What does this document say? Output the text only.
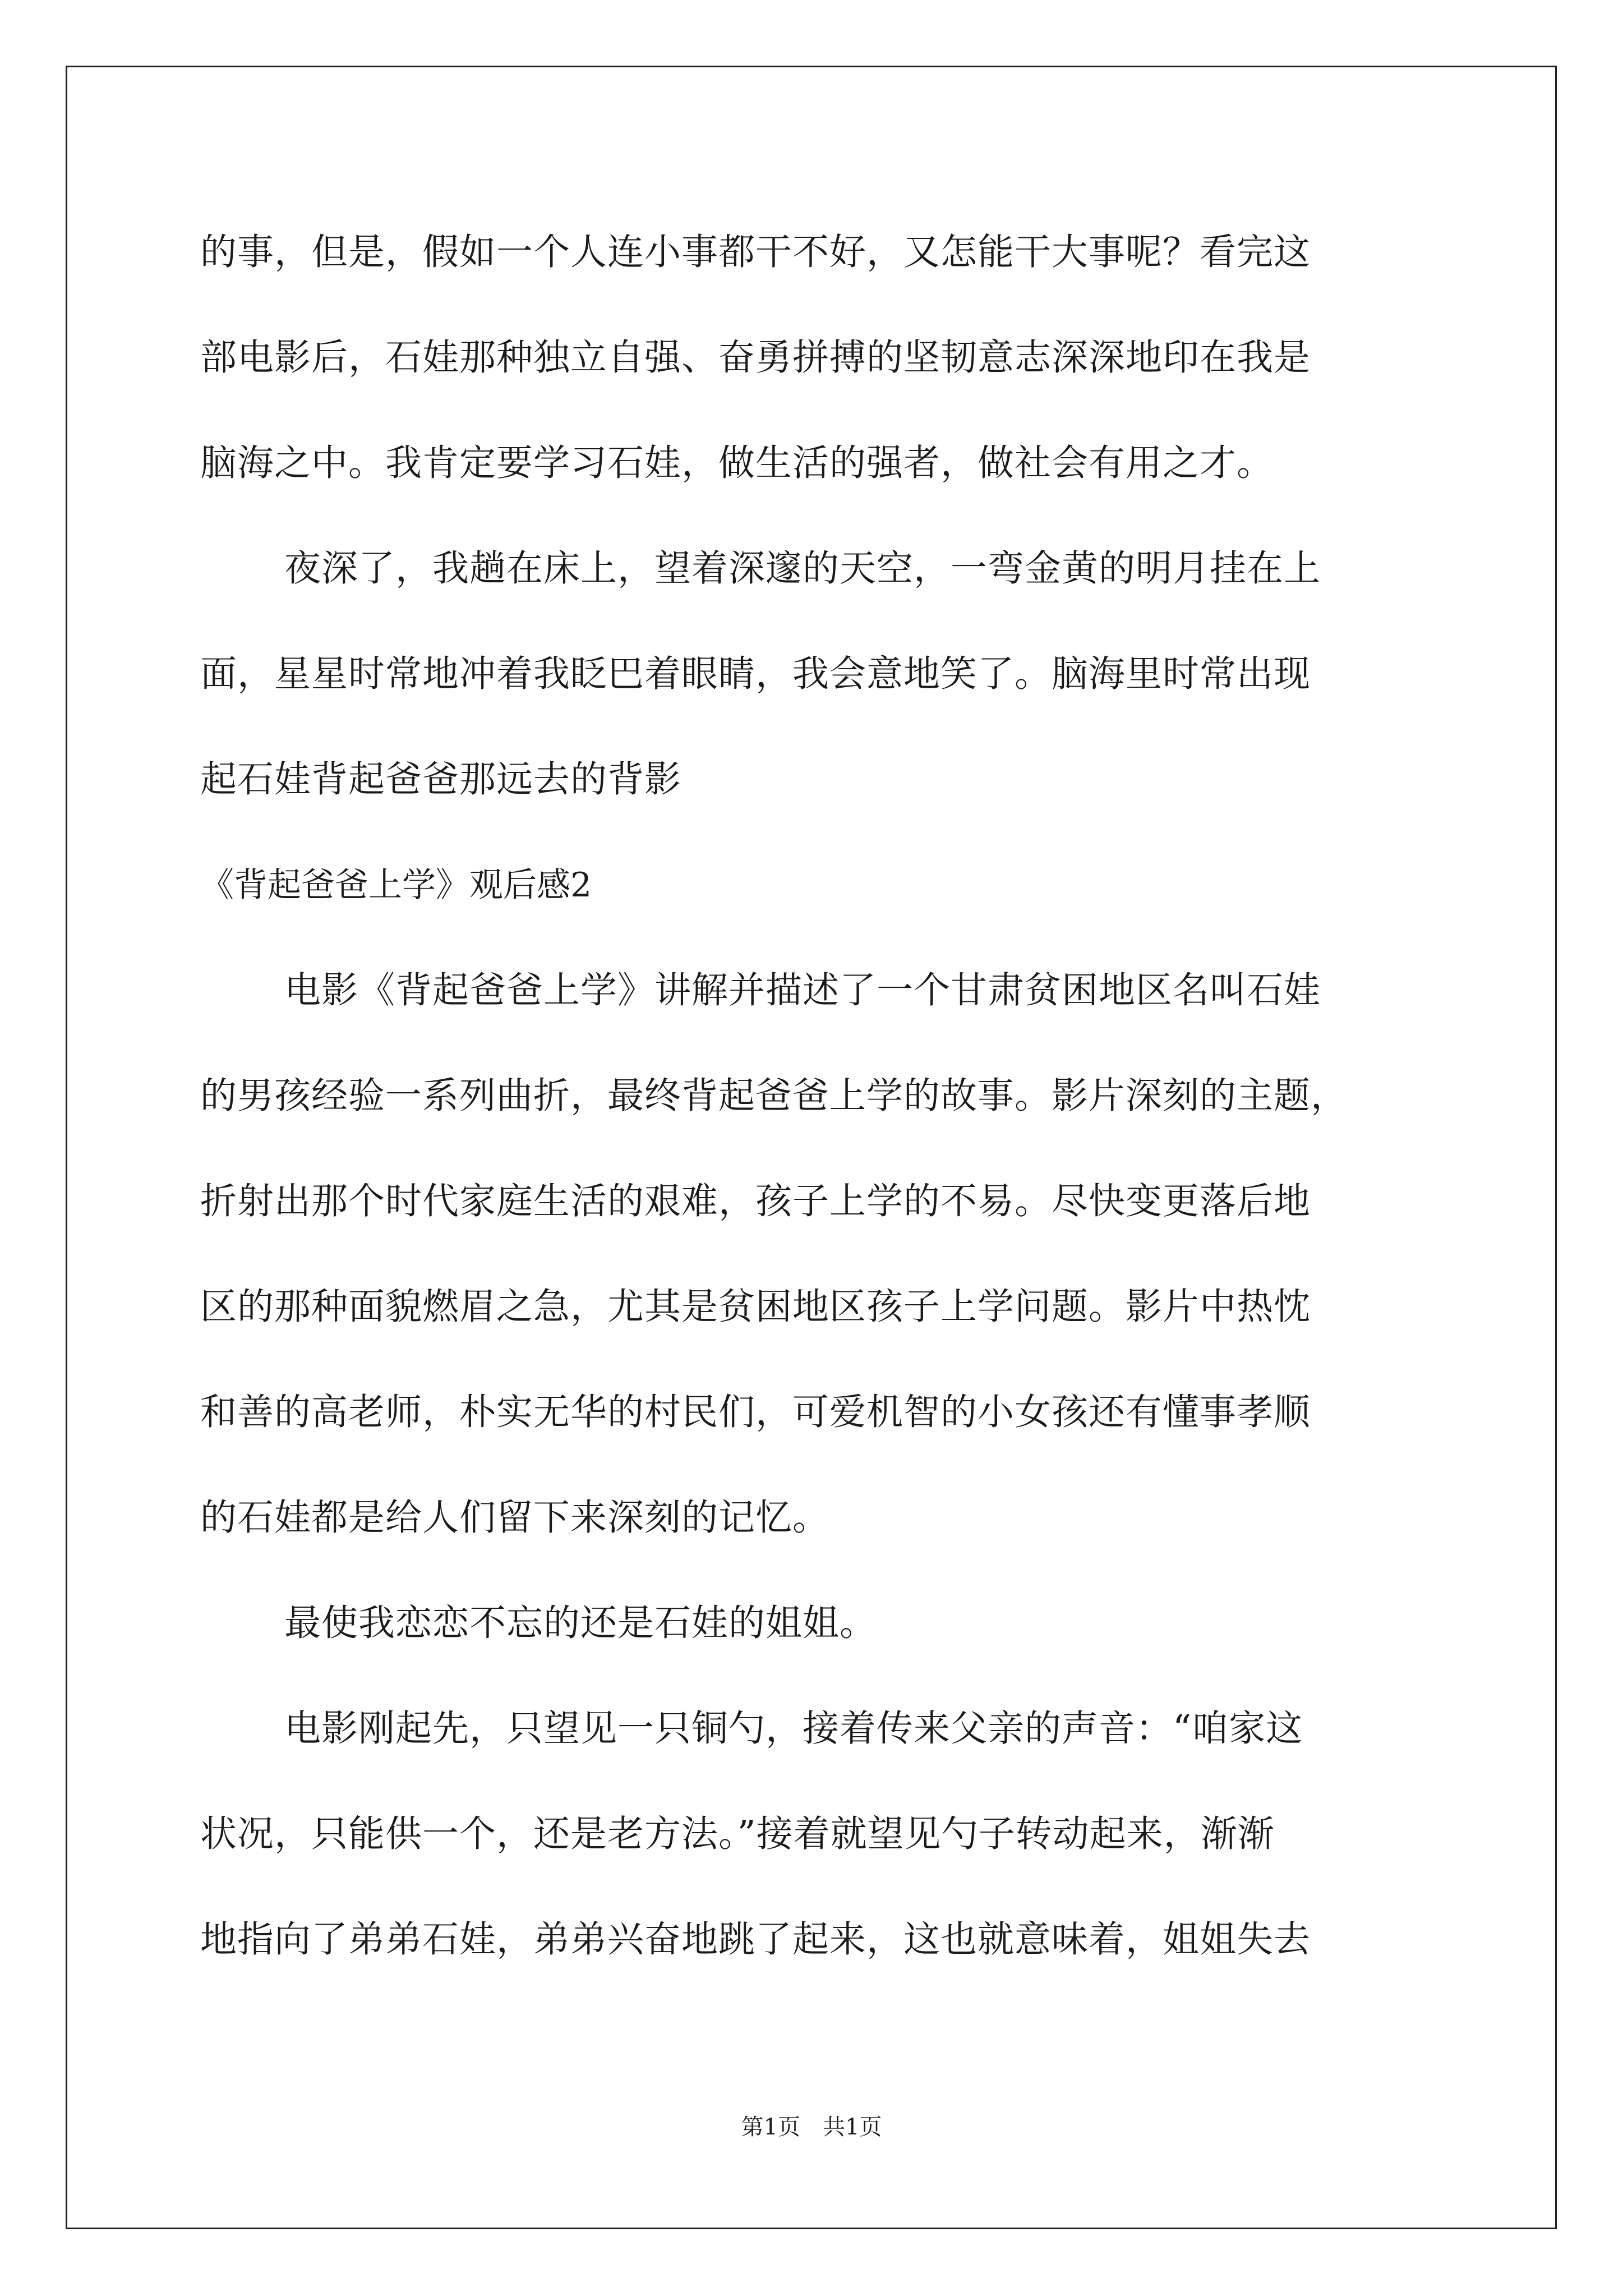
的事，但是，假如一个人连小事都干不好，又怎能干大事呢？看完这
部电影后，石娃那种独立自强、奋勇拼搏的坚韧意志深深地印在我是
脑海之中。我肯定要学习石娃，做生活的强者，做社会有用之才。
夜深了，我趟在床上，望着深邃的天空，一弯金黄的明月挂在上
面，星星时常地冲着我眨巴着眼睛，我会意地笑了。脑海里时常出现
起石娃背起爸爸那远去的背影
《背起爸爸上学》观后感2
电影《背起爸爸上学》讲解并描述了一个甘肃贫困地区名叫石娃
的男孩经验一系列曲折，最终背起爸爸上学的故事。影片深刻的主题，
折射出那个时代家庭生活的艰难，孩子上学的不易。尽快变更落后地
区的那种面貌燃眉之急，尤其是贫困地区孩子上学问题。影片中热忱
和善的高老师，朴实无华的村民们，可爱机智的小女孩还有懂事孝顺
的石娃都是给人们留下来深刻的记忆。
最使我恋恋不忘的还是石娃的姐姐。
电影刚起先，只望见一只铜勺，接着传来父亲的声音：“咱家这
状况，只能供一个，还是老方法。”接着就望见勺子转动起来，渐渐
地指向了弟弟石娃，弟弟兴奋地跳了起来，这也就意味着，姐姐失去
第1页 共1页
